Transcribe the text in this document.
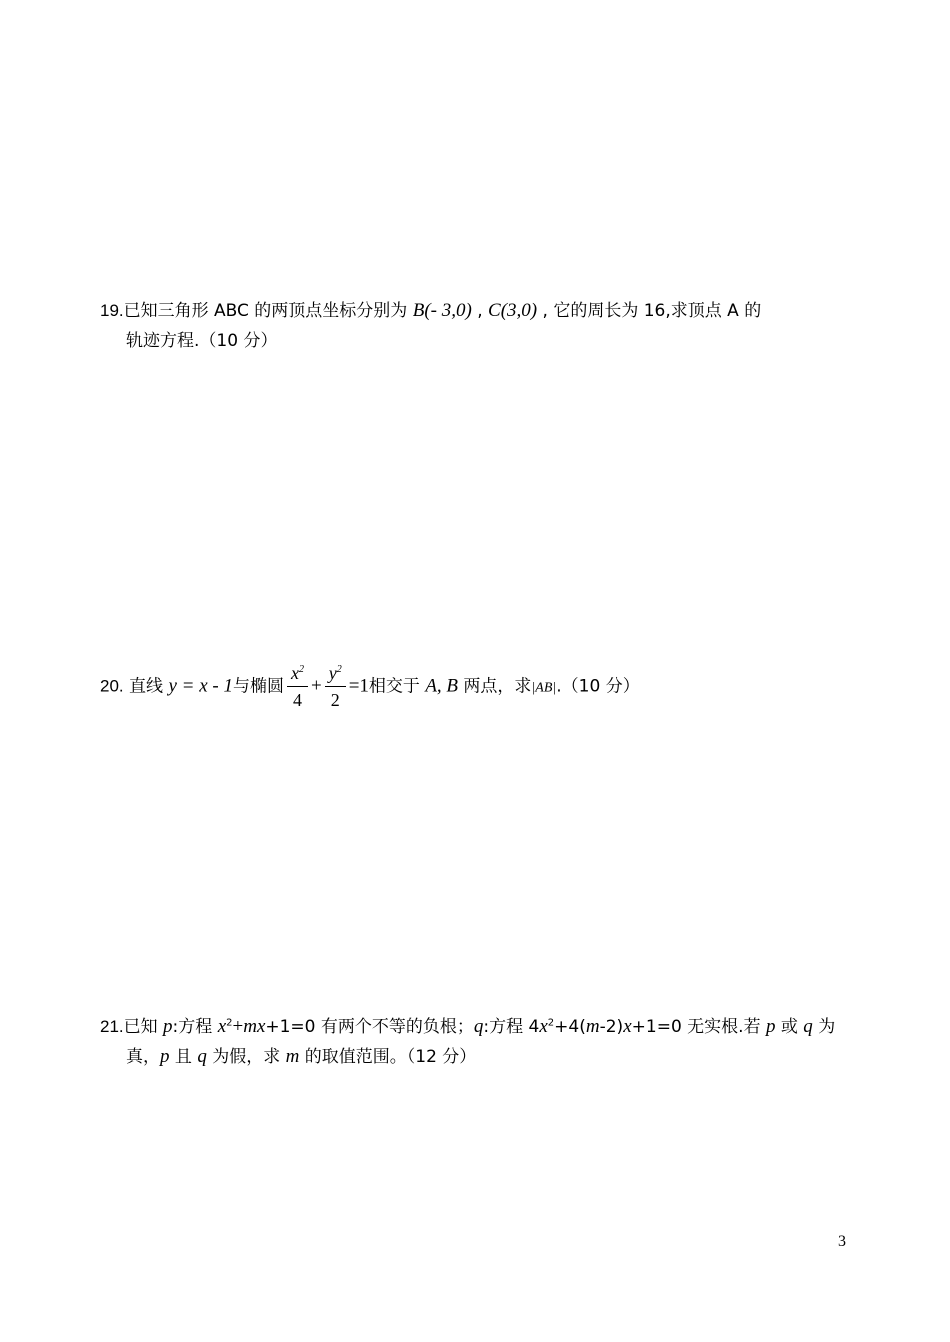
19.已知三角形 ABC 的两顶点坐标分别为 B(- 3,0) , C(3,0) , 它的周长为 16,求顶点 A 的
轨迹方程.（10 分）
20. 直线 y = x - 1与椭圆 $\frac{x^2}{4} + \frac{y^2}{2} =1$相交于 A, B 两点，求|AB|.（10 分）
21.已知 p:方程 $x^2+mx+1=0$ 有两个不等的负根；q:方程 $4x^2+4(m-2)x+1=0$ 无实根.若 p 或 q 为
真，p 且 q 为假，求 m 的取值范围。（12 分）
3
